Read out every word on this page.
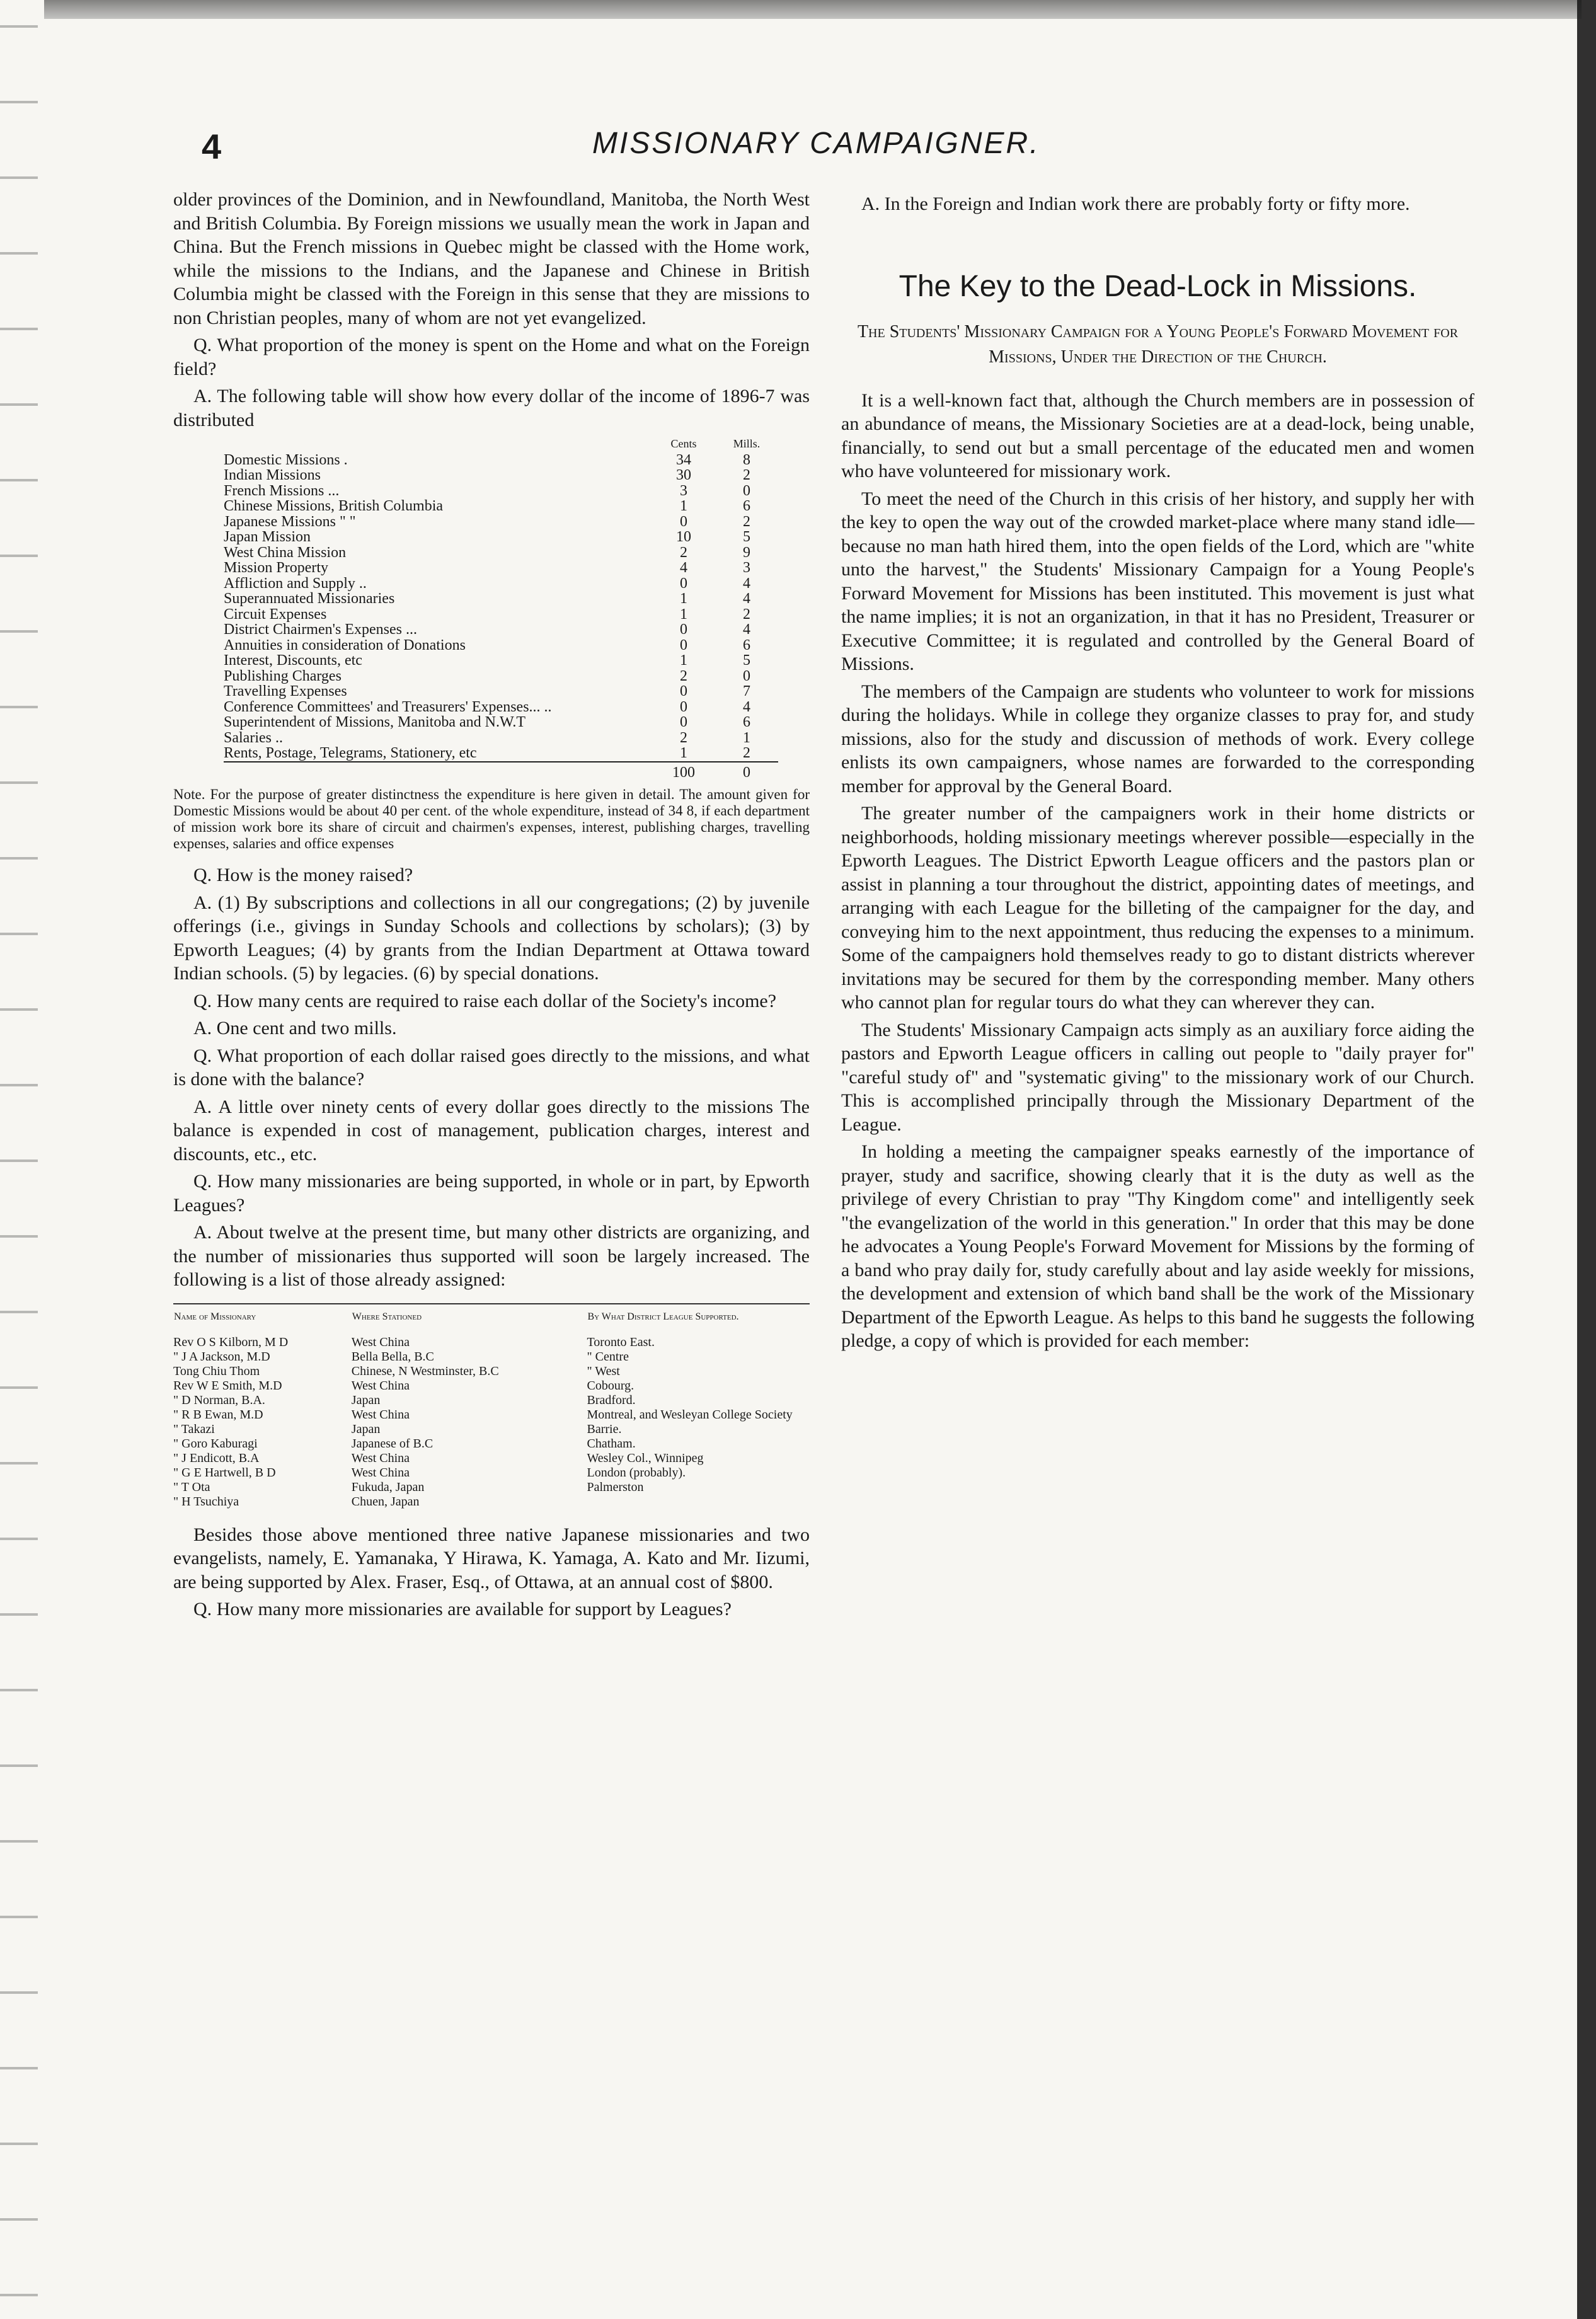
4	MISSIONARY CAMPAIGNER.

older provinces of the Dominion, and in Newfoundland, Manitoba, the North West and British Columbia. By Foreign missions we usually mean the work in Japan and China. But the French missions in Quebec might be classed with the Home work, while the missions to the Indians, and the Japanese and Chinese in British Columbia might be classed with the Foreign in this sense that they are missions to non Christian peoples, many of whom are not yet evangelized.

Q. What proportion of the money is spent on the Home and what on the Foreign field?

A. The following table will show how every dollar of the income of 1896-7 was distributed

	Cents	Mills.
Domestic Missions .	34	8
Indian Missions	30	2
French Missions ...	3	0
Chinese Missions, British Columbia	1	6
Japanese Missions " "	0	2
Japan Mission	10	5
West China Mission	2	9
Mission Property	4	3
Affliction and Supply ..	0	4
Superannuated Missionaries	1	4
Circuit Expenses	1	2
District Chairmen's Expenses ...	0	4
Annuities in consideration of Donations	0	6
Interest, Discounts, etc	1	5
Publishing Charges	2	0
Travelling Expenses	0	7
Conference Committees' and Treasurers' Expenses... ..	0	4
Superintendent of Missions, Manitoba and N.W.T	0	6
Salaries ..	2	1
Rents, Postage, Telegrams, Stationery, etc	1	2
	100	0

Note. For the purpose of greater distinctness the expenditure is here given in detail. The amount given for Domestic Missions would be about 40 per cent. of the whole expenditure, instead of 34 8, if each department of mission work bore its share of circuit and chairmen's expenses, interest, publishing charges, travelling expenses, salaries and office expenses

Q. How is the money raised?

A. (1) By subscriptions and collections in all our congregations; (2) by juvenile offerings (i.e., givings in Sunday Schools and collections by scholars); (3) by Epworth Leagues; (4) by grants from the Indian Department at Ottawa toward Indian schools. (5) by legacies. (6) by special donations.

Q. How many cents are required to raise each dollar of the Society's income?

A. One cent and two mills.

Q. What proportion of each dollar raised goes directly to the missions, and what is done with the balance?

A. A little over ninety cents of every dollar goes directly to the missions The balance is expended in cost of management, publication charges, interest and discounts, etc., etc.

Q. How many missionaries are being supported, in whole or in part, by Epworth Leagues?

A. About twelve at the present time, but many other districts are organizing, and the number of missionaries thus supported will soon be largely increased. The following is a list of those already assigned:

Name of Missionary	Where Stationed	By What District League Supported.
Rev O S Kilborn, M D	West China	Toronto East.
" J A Jackson, M.D	Bella Bella, B.C	" Centre
Tong Chiu Thom	Chinese, N Westminster, B.C	" West
Rev W E Smith, M.D	West China	Cobourg.
" D Norman, B.A.	Japan	Bradford.
" R B Ewan, M.D	West China	Montreal, and Wesleyan College Society
" Takazi	Japan	Barrie.
" Goro Kaburagi	Japanese of B.C	Chatham.
" J Endicott, B.A	West China	Wesley Col., Winnipeg
" G E Hartwell, B D	West China	London (probably).
" T Ota	Fukuda, Japan	Palmerston
" H Tsuchiya	Chuen, Japan	

Besides those above mentioned three native Japanese missionaries and two evangelists, namely, E. Yamanaka, Y Hirawa, K. Yamaga, A. Kato and Mr. Iizumi, are being supported by Alex. Fraser, Esq., of Ottawa, at an annual cost of $800.

Q. How many more missionaries are available for support by Leagues?

A. In the Foreign and Indian work there are probably forty or fifty more.

The Key to the Dead-Lock in Missions.
The Students' Missionary Campaign for a Young People's Forward Movement for Missions, Under the Direction of the Church.

It is a well-known fact that, although the Church members are in possession of an abundance of means, the Missionary Societies are at a dead-lock, being unable, financially, to send out but a small percentage of the educated men and women who have volunteered for missionary work.

To meet the need of the Church in this crisis of her history, and supply her with the key to open the way out of the crowded market-place where many stand idle—because no man hath hired them, into the open fields of the Lord, which are "white unto the harvest," the Students' Missionary Campaign for a Young People's Forward Movement for Missions has been instituted. This movement is just what the name implies; it is not an organization, in that it has no President, Treasurer or Executive Committee; it is regulated and controlled by the General Board of Missions.

The members of the Campaign are students who volunteer to work for missions during the holidays. While in college they organize classes to pray for, and study missions, also for the study and discussion of methods of work. Every college enlists its own campaigners, whose names are forwarded to the corresponding member for approval by the General Board.

The greater number of the campaigners work in their home districts or neighborhoods, holding missionary meetings wherever possible—especially in the Epworth Leagues. The District Epworth League officers and the pastors plan or assist in planning a tour throughout the district, appointing dates of meetings, and arranging with each League for the billeting of the campaigner for the day, and conveying him to the next appointment, thus reducing the expenses to a minimum. Some of the campaigners hold themselves ready to go to distant districts wherever invitations may be secured for them by the corresponding member. Many others who cannot plan for regular tours do what they can wherever they can.

The Students' Missionary Campaign acts simply as an auxiliary force aiding the pastors and Epworth League officers in calling out people to "daily prayer for" "careful study of" and "systematic giving" to the missionary work of our Church. This is accomplished principally through the Missionary Department of the League.

In holding a meeting the campaigner speaks earnestly of the importance of prayer, study and sacrifice, showing clearly that it is the duty as well as the privilege of every Christian to pray "Thy Kingdom come" and intelligently seek "the evangelization of the world in this generation." In order that this may be done he advocates a Young People's Forward Movement for Missions by the forming of a band who pray daily for, study carefully about and lay aside weekly for missions, the development and extension of which band shall be the work of the Missionary Department of the Epworth League. As helps to this band he suggests the following pledge, a copy of which is provided for each member:
